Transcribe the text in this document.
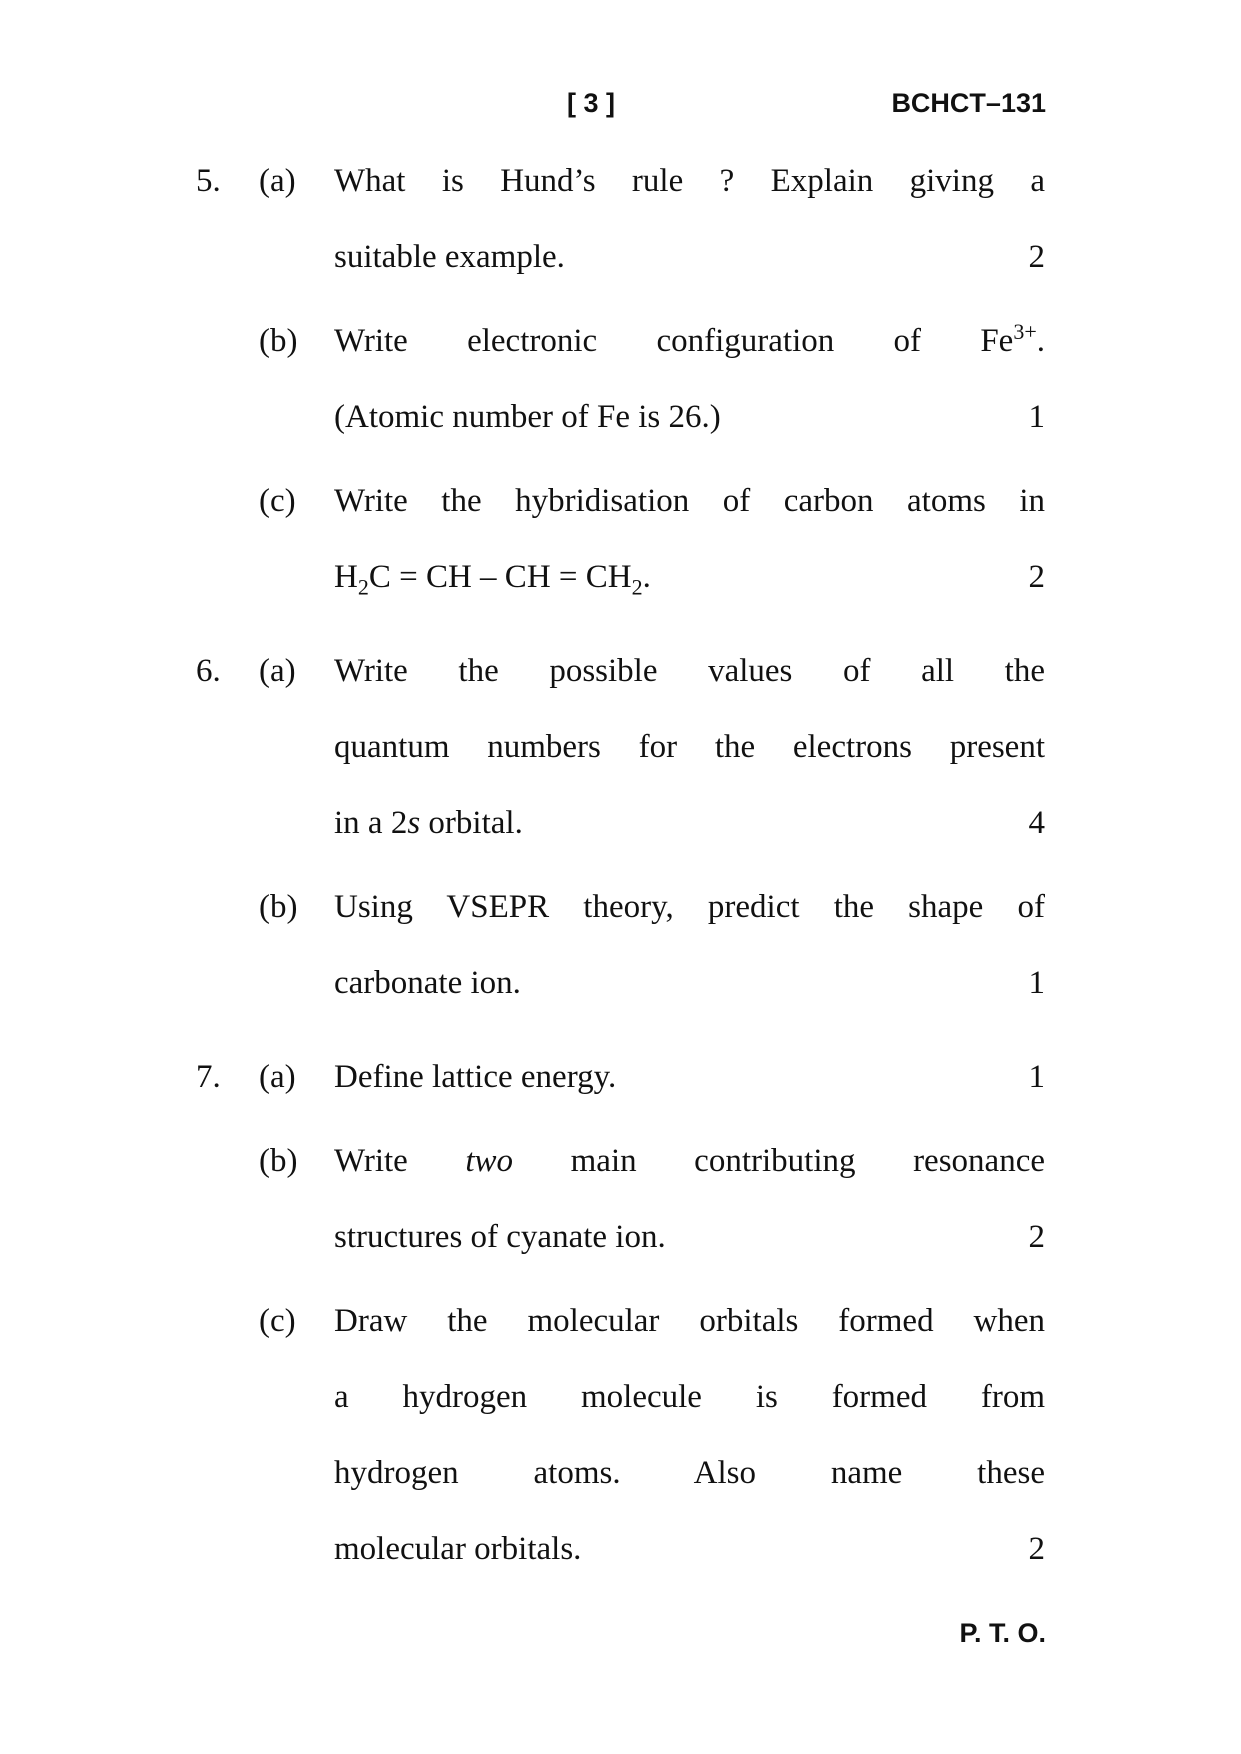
[ 3 ]	BCHCT–131
5. (a) What is Hund’s rule ? Explain giving a
suitable example.	2
(b) Write electronic configuration of $Fe^{3+}$.
(Atomic number of Fe is 26.)	1
(c) Write the hybridisation of carbon atoms in
$H_2C$ = CH – CH = $CH_2$.	2
6. (a) Write the possible values of all the
quantum numbers for the electrons present
in a 2s orbital.	4
(b) Using VSEPR theory, predict the shape of
carbonate ion.	1
7. (a) Define lattice energy.	1
(b) Write two main contributing resonance
structures of cyanate ion.	2
(c) Draw the molecular orbitals formed when
a hydrogen molecule is formed from
hydrogen atoms. Also name these
molecular orbitals.	2
P. T. O.
